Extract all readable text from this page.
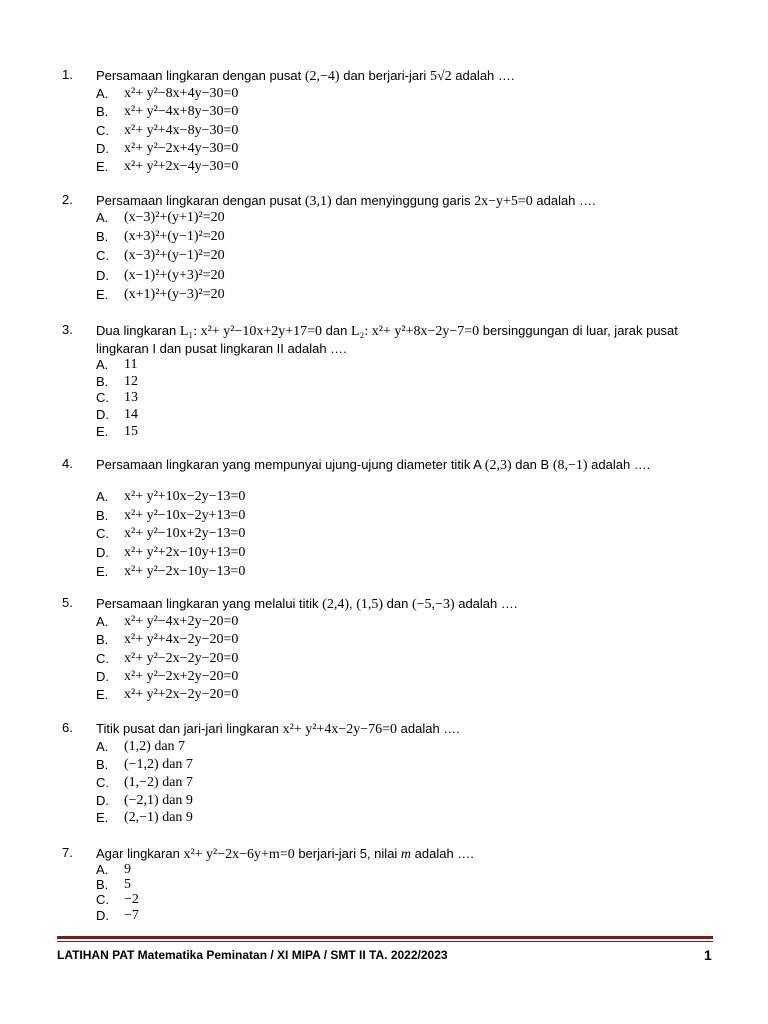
1. Persamaan lingkaran dengan pusat (2,−4) dan berjari-jari 5√2 adalah ….
A. x²+ y²−8x+4y−30=0
B. x²+ y²−4x+8y−30=0
C. x²+ y²+4x−8y−30=0
D. x²+ y²−2x+4y−30=0
E. x²+ y²+2x−4y−30=0
2. Persamaan lingkaran dengan pusat (3,1) dan menyinggung garis 2x−y+5=0 adalah ….
A. (x−3)²+(y+1)²=20
B. (x+3)²+(y−1)²=20
C. (x−3)²+(y−1)²=20
D. (x−1)²+(y+3)²=20
E. (x+1)²+(y−3)²=20
3. Dua lingkaran L₁: x²+ y²−10x+2y+17=0 dan L₂: x²+ y²+8x−2y−7=0 bersinggungan di luar, jarak pusat lingkaran I dan pusat lingkaran II adalah ….
A. 11
B. 12
C. 13
D. 14
E. 15
4. Persamaan lingkaran yang mempunyai ujung-ujung diameter titik A (2,3) dan B (8,−1) adalah ….
A. x²+ y²+10x−2y−13=0
B. x²+ y²−10x−2y+13=0
C. x²+ y²−10x+2y−13=0
D. x²+ y²+2x−10y+13=0
E. x²+ y²−2x−10y−13=0
5. Persamaan lingkaran yang melalui titik (2,4), (1,5) dan (−5,−3) adalah ….
A. x²+ y²−4x+2y−20=0
B. x²+ y²+4x−2y−20=0
C. x²+ y²−2x−2y−20=0
D. x²+ y²−2x+2y−20=0
E. x²+ y²+2x−2y−20=0
6. Titik pusat dan jari-jari lingkaran x²+ y²+4x−2y−76=0 adalah ….
A. (1,2) dan 7
B. (−1,2) dan 7
C. (1,−2) dan 7
D. (−2,1) dan 9
E. (2,−1) dan 9
7. Agar lingkaran x²+ y²−2x−6y+m=0 berjari-jari 5, nilai m adalah ….
A. 9
B. 5
C. −2
D. −7
LATIHAN PAT Matematika Peminatan / XI MIPA / SMT II TA. 2022/2023	1
